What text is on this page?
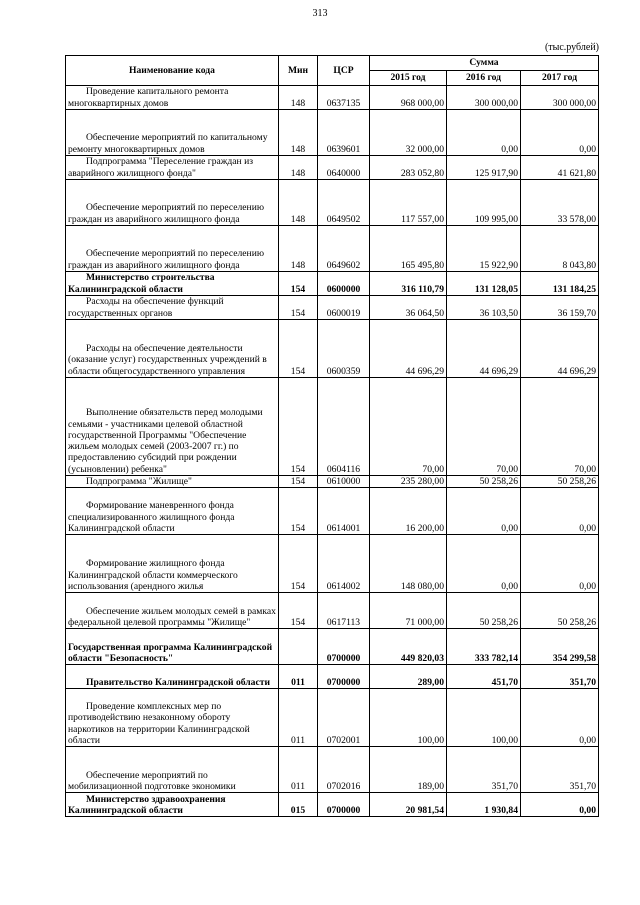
313
(тыс.рублей)
Наименование кода	Мин	ЦСР	Сумма		
			2015 год	2016 год	2017 год
Проведение капитального ремонта многоквартирных домов	148	0637135	968 000,00	300 000,00	300 000,00
Обеспечение мероприятий по капитальному ремонту многоквартирных домов	148	0639601	32 000,00	0,00	0,00
Подпрограмма "Переселение граждан из аварийного жилищного фонда"	148	0640000	283 052,80	125 917,90	41 621,80
Обеспечение мероприятий по переселению граждан из аварийного жилищного фонда	148	0649502	117 557,00	109 995,00	33 578,00
Обеспечение мероприятий по переселению граждан из аварийного жилищного фонда	148	0649602	165 495,80	15 922,90	8 043,80
Министерство строительства Калининградской области	154	0600000	316 110,79	131 128,05	131 184,25
Расходы на обеспечение функций государственных органов	154	0600019	36 064,50	36 103,50	36 159,70
Расходы на обеспечение деятельности (оказание услуг) государственных учреждений в области общегосударственного управления	154	0600359	44 696,29	44 696,29	44 696,29
Выполнение обязательств перед молодыми семьями - участниками целевой областной государственной Программы "Обеспечение жильем молодых семей (2003-2007 гг.) по предоставлению субсидий при рождении (усыновлении) ребенка"	154	0604116	70,00	70,00	70,00
Подпрограмма "Жилище"	154	0610000	235 280,00	50 258,26	50 258,26
Формирование маневренного фонда специализированного жилищного фонда Калининградской области	154	0614001	16 200,00	0,00	0,00
Формирование жилищного фонда Калининградской области коммерческого использования (арендного жилья	154	0614002	148 080,00	0,00	0,00
Обеспечение жильем молодых семей в рамках федеральной целевой программы "Жилище"	154	0617113	71 000,00	50 258,26	50 258,26
Государственная программа Калининградской области "Безопасность"		0700000	449 820,03	333 782,14	354 299,58
Правительство Калининградской области	011	0700000	289,00	451,70	351,70
Проведение комплексных мер по противодействию незаконному обороту наркотиков на территории Калининградской области	011	0702001	100,00	100,00	0,00
Обеспечение мероприятий по мобилизационной подготовке экономики	011	0702016	189,00	351,70	351,70
Министерство здравоохранения Калининградской области	015	0700000	20 981,54	1 930,84	0,00
